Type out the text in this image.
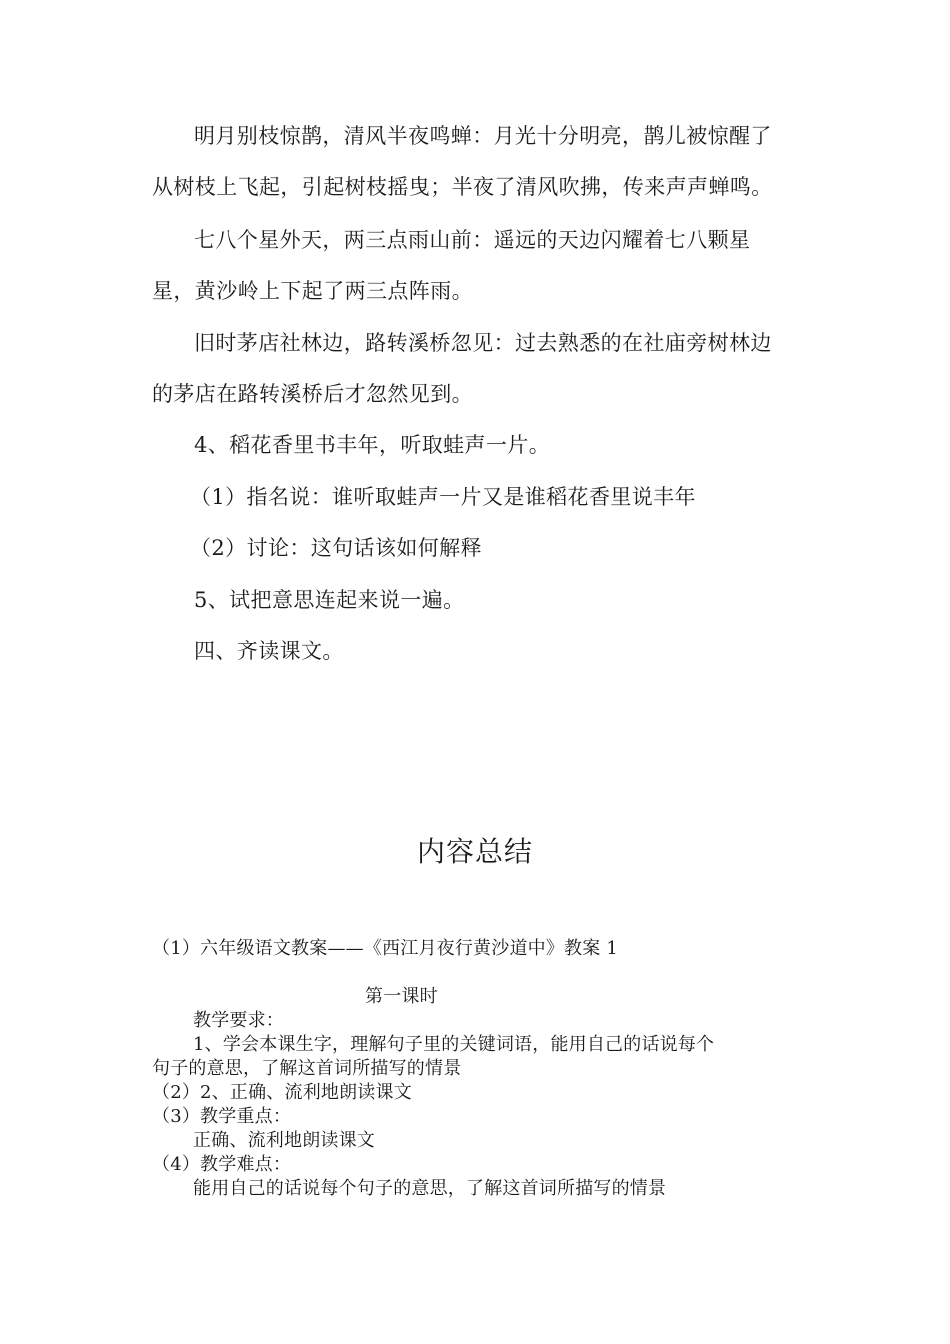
明月别枝惊鹊，清风半夜鸣蝉：月光十分明亮，鹊儿被惊醒了
从树枝上飞起，引起树枝摇曳；半夜了清风吹拂，传来声声蝉鸣。
七八个星外天，两三点雨山前：遥远的天边闪耀着七八颗星
星，黄沙岭上下起了两三点阵雨。
旧时茅店社林边，路转溪桥忽见：过去熟悉的在社庙旁树林边
的茅店在路转溪桥后才忽然见到。
4、稻花香里书丰年，听取蛙声一片。
（1）指名说：谁听取蛙声一片又是谁稻花香里说丰年
（2）讨论：这句话该如何解释
5、试把意思连起来说一遍。
四、齐读课文。
内容总结
（1）六年级语文教案——《西江月夜行黄沙道中》教案 1
第一课时
教学要求：
1、学会本课生字，理解句子里的关键词语，能用自己的话说每个
句子的意思，了解这首词所描写的情景
（2）2、正确、流利地朗读课文
（3）教学重点：
正确、流利地朗读课文
（4）教学难点：
能用自己的话说每个句子的意思，了解这首词所描写的情景
